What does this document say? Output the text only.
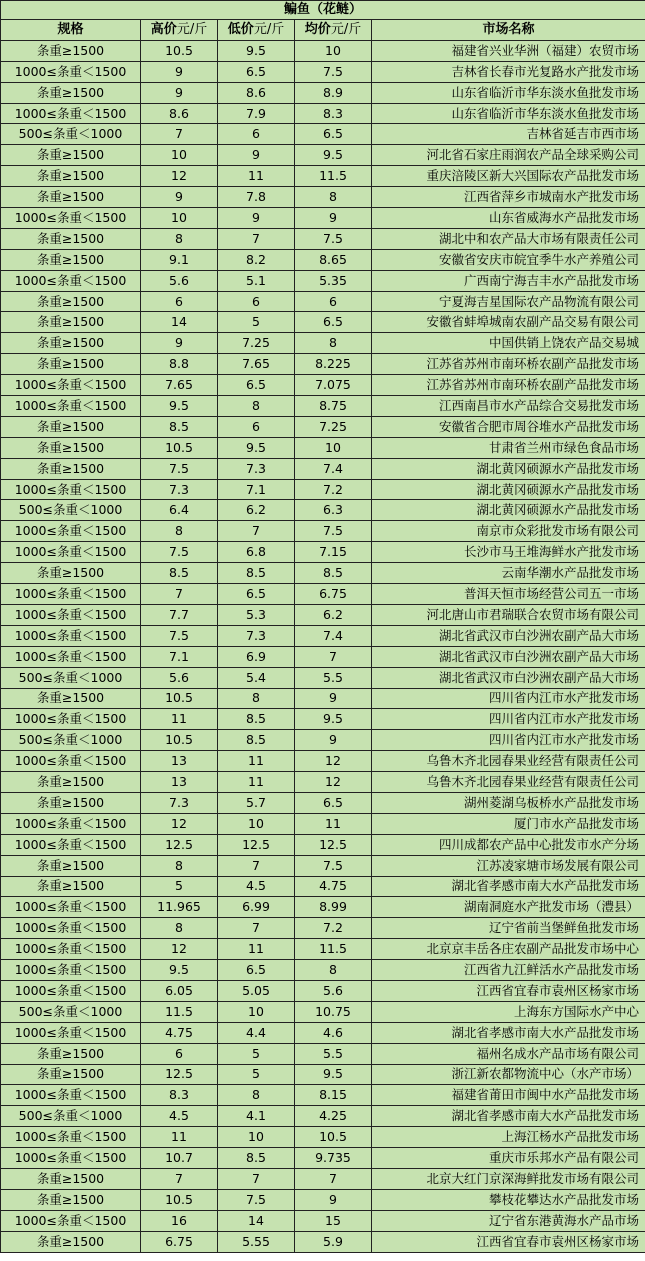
鳊鱼（花鲢）				
规格	高价元/斤	低价元/斤	均价元/斤	市场名称
条重≥1500	10.5	9.5	10	福建省兴业华洲（福建）农贸市场
1000≤条重＜1500	9	6.5	7.5	吉林省长春市光复路水产批发市场
条重≥1500	9	8.6	8.9	山东省临沂市华东淡水鱼批发市场
1000≤条重＜1500	8.6	7.9	8.3	山东省临沂市华东淡水鱼批发市场
500≤条重＜1000	7	6	6.5	吉林省延吉市西市场
条重≥1500	10	9	9.5	河北省石家庄雨润农产品全球采购公司
条重≥1500	12	11	11.5	重庆涪陵区新大兴国际农产品批发市场
条重≥1500	9	7.8	8	江西省萍乡市城南水产批发市场
1000≤条重＜1500	10	9	9	山东省威海水产品批发市场
条重≥1500	8	7	7.5	湖北中和农产品大市场有限责任公司
条重≥1500	9.1	8.2	8.65	安徽省安庆市皖宜季牛水产养殖公司
1000≤条重＜1500	5.6	5.1	5.35	广西南宁海吉丰水产品批发市场
条重≥1500	6	6	6	宁夏海吉星国际农产品物流有限公司
条重≥1500	14	5	6.5	安徽省蚌埠城南农副产品交易有限公司
条重≥1500	9	7.25	8	中国供销上饶农产品交易城
条重≥1500	8.8	7.65	8.225	江苏省苏州市南环桥农副产品批发市场
1000≤条重＜1500	7.65	6.5	7.075	江苏省苏州市南环桥农副产品批发市场
1000≤条重＜1500	9.5	8	8.75	江西南昌市水产品综合交易批发市场
条重≥1500	8.5	6	7.25	安徽省合肥市周谷堆水产品批发市场
条重≥1500	10.5	9.5	10	甘肃省兰州市绿色食品市场
条重≥1500	7.5	7.3	7.4	湖北黄冈硕源水产品批发市场
1000≤条重＜1500	7.3	7.1	7.2	湖北黄冈硕源水产品批发市场
500≤条重＜1000	6.4	6.2	6.3	湖北黄冈硕源水产品批发市场
1000≤条重＜1500	8	7	7.5	南京市众彩批发市场有限公司
1000≤条重＜1500	7.5	6.8	7.15	长沙市马王堆海鲜水产批发市场
条重≥1500	8.5	8.5	8.5	云南华潮水产品批发市场
1000≤条重＜1500	7	6.5	6.75	普洱天恒市场经营公司五一市场
1000≤条重＜1500	7.7	5.3	6.2	河北唐山市君瑞联合农贸市场有限公司
1000≤条重＜1500	7.5	7.3	7.4	湖北省武汉市白沙洲农副产品大市场
1000≤条重＜1500	7.1	6.9	7	湖北省武汉市白沙洲农副产品大市场
500≤条重＜1000	5.6	5.4	5.5	湖北省武汉市白沙洲农副产品大市场
条重≥1500	10.5	8	9	四川省内江市水产批发市场
1000≤条重＜1500	11	8.5	9.5	四川省内江市水产批发市场
500≤条重＜1000	10.5	8.5	9	四川省内江市水产批发市场
1000≤条重＜1500	13	11	12	乌鲁木齐北园春果业经营有限责任公司
条重≥1500	13	11	12	乌鲁木齐北园春果业经营有限责任公司
条重≥1500	7.3	5.7	6.5	湖州菱湖乌板桥水产品批发市场
1000≤条重＜1500	12	10	11	厦门市水产品批发市场
1000≤条重＜1500	12.5	12.5	12.5	四川成都农产品中心批发市水产分场
条重≥1500	8	7	7.5	江苏凌家塘市场发展有限公司
条重≥1500	5	4.5	4.75	湖北省孝感市南大水产品批发市场
1000≤条重＜1500	11.965	6.99	8.99	湖南洞庭水产批发市场（澧县）
1000≤条重＜1500	8	7	7.2	辽宁省前当堡鲜鱼批发市场
1000≤条重＜1500	12	11	11.5	北京京丰岳各庄农副产品批发市场中心
1000≤条重＜1500	9.5	6.5	8	江西省九江鲜活水产品批发市场
1000≤条重＜1500	6.05	5.05	5.6	江西省宜春市袁州区杨家市场
500≤条重＜1000	11.5	10	10.75	上海东方国际水产中心
1000≤条重＜1500	4.75	4.4	4.6	湖北省孝感市南大水产品批发市场
条重≥1500	6	5	5.5	福州名成水产品市场有限公司
条重≥1500	12.5	5	9.5	浙江新农都物流中心（水产市场）
1000≤条重＜1500	8.3	8	8.15	福建省莆田市闽中水产品批发市场
500≤条重＜1000	4.5	4.1	4.25	湖北省孝感市南大水产品批发市场
1000≤条重＜1500	11	10	10.5	上海江杨水产品批发市场
1000≤条重＜1500	10.7	8.5	9.735	重庆市乐邦水产品有限公司
条重≥1500	7	7	7	北京大红门京深海鲜批发市场有限公司
条重≥1500	10.5	7.5	9	攀枝花攀达水产品批发市场
1000≤条重＜1500	16	14	15	辽宁省东港黄海水产品市场
条重≥1500	6.75	5.55	5.9	江西省宜春市袁州区杨家市场
